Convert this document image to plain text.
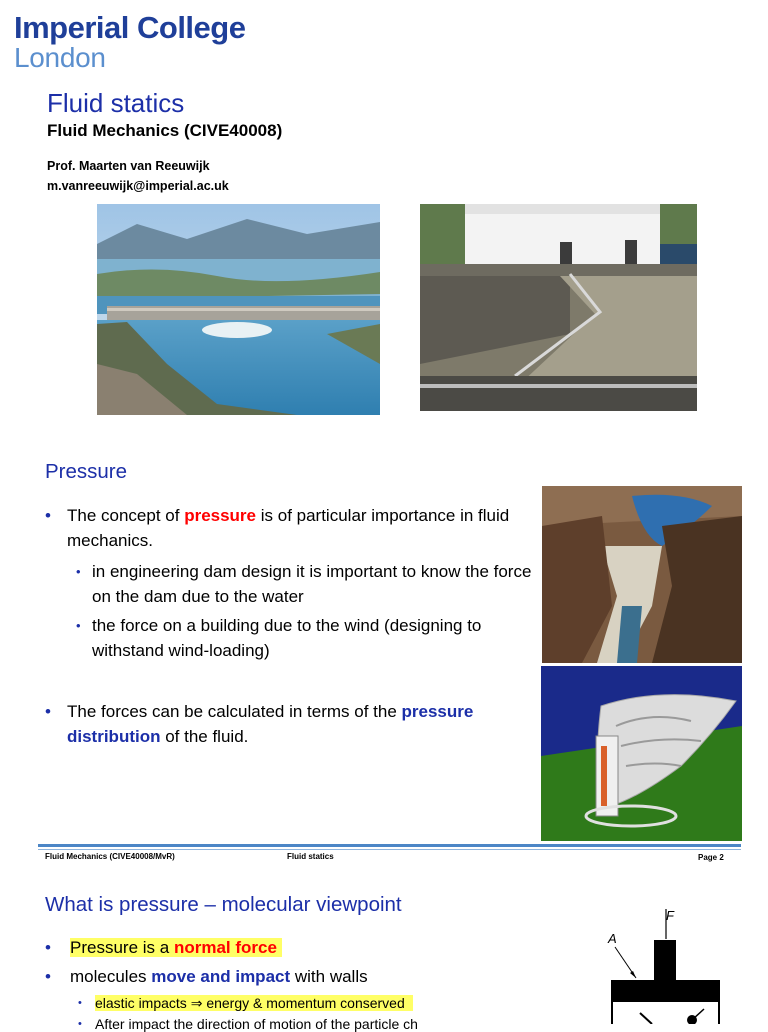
Imperial College
London
Fluid statics
Fluid Mechanics (CIVE40008)
Prof. Maarten van Reeuwijk
m.vanreeuwijk@imperial.ac.uk
Pressure
• The concept of pressure is of particular importance in fluid mechanics.
• in engineering dam design it is important to know the force on the dam due to the water
• the force on a building due to the wind (designing to withstand wind-loading)
• The forces can be calculated in terms of the pressure distribution of the fluid.
Fluid Mechanics (CIVE40008/MvR)	Fluid statics	Page 2
What is pressure – molecular viewpoint
• Pressure is a normal force
• molecules move and impact with walls
• elastic impacts ⇒ energy & momentum conserved
• After impact the direction of motion of the particle ch
F
A
